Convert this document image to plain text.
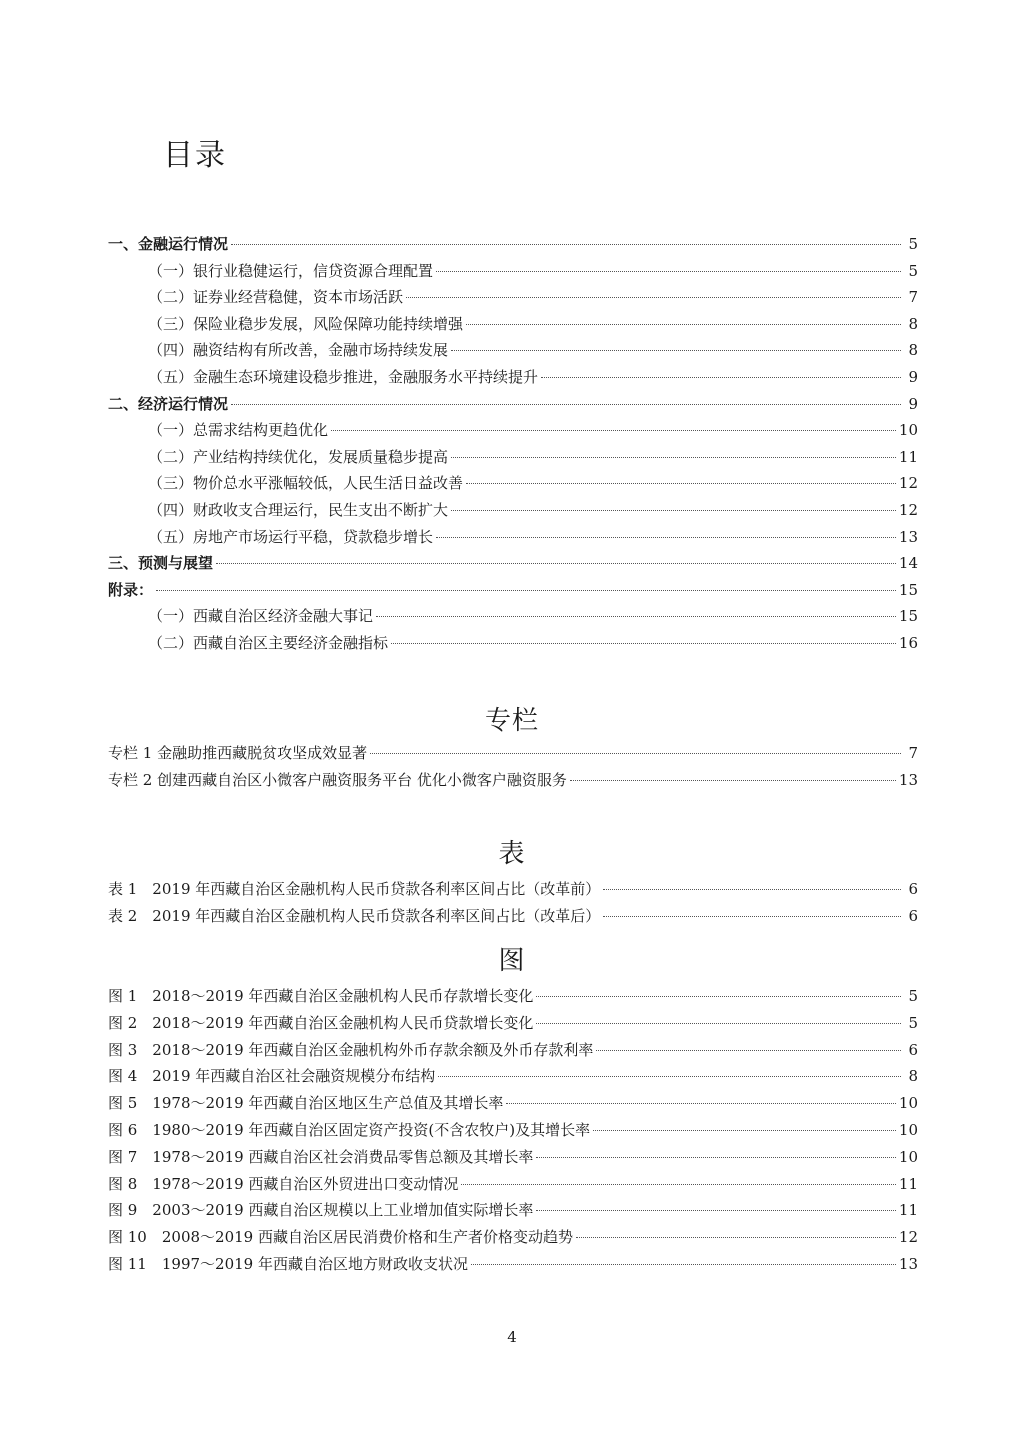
目录
一、金融运行情况	5
（一）银行业稳健运行，信贷资源合理配置	5
（二）证券业经营稳健，资本市场活跃	7
（三）保险业稳步发展，风险保障功能持续增强	8
（四）融资结构有所改善，金融市场持续发展	8
（五）金融生态环境建设稳步推进，金融服务水平持续提升	9
二、经济运行情况	9
（一）总需求结构更趋优化	10
（二）产业结构持续优化，发展质量稳步提高	11
（三）物价总水平涨幅较低，人民生活日益改善	12
（四）财政收支合理运行，民生支出不断扩大	12
（五）房地产市场运行平稳，贷款稳步增长	13
三、预测与展望	14
附录：	15
（一）西藏自治区经济金融大事记	15
（二）西藏自治区主要经济金融指标	16
专栏
专栏 1 金融助推西藏脱贫攻坚成效显著	7
专栏 2 创建西藏自治区小微客户融资服务平台 优化小微客户融资服务	13
表
表 1　2019 年西藏自治区金融机构人民币贷款各利率区间占比（改革前）	6
表 2　2019 年西藏自治区金融机构人民币贷款各利率区间占比（改革后）	6
图
图 1　2018～2019 年西藏自治区金融机构人民币存款增长变化	5
图 2　2018～2019 年西藏自治区金融机构人民币贷款增长变化	5
图 3　2018～2019 年西藏自治区金融机构外币存款余额及外币存款利率	6
图 4　2019 年西藏自治区社会融资规模分布结构	8
图 5　1978～2019 年西藏自治区地区生产总值及其增长率	10
图 6　1980～2019 年西藏自治区固定资产投资(不含农牧户)及其增长率	10
图 7　1978～2019 西藏自治区社会消费品零售总额及其增长率	10
图 8　1978～2019 西藏自治区外贸进出口变动情况	11
图 9　2003～2019 西藏自治区规模以上工业增加值实际增长率	11
图 10　2008～2019 西藏自治区居民消费价格和生产者价格变动趋势	12
图 11　1997～2019 年西藏自治区地方财政收支状况	13
4
